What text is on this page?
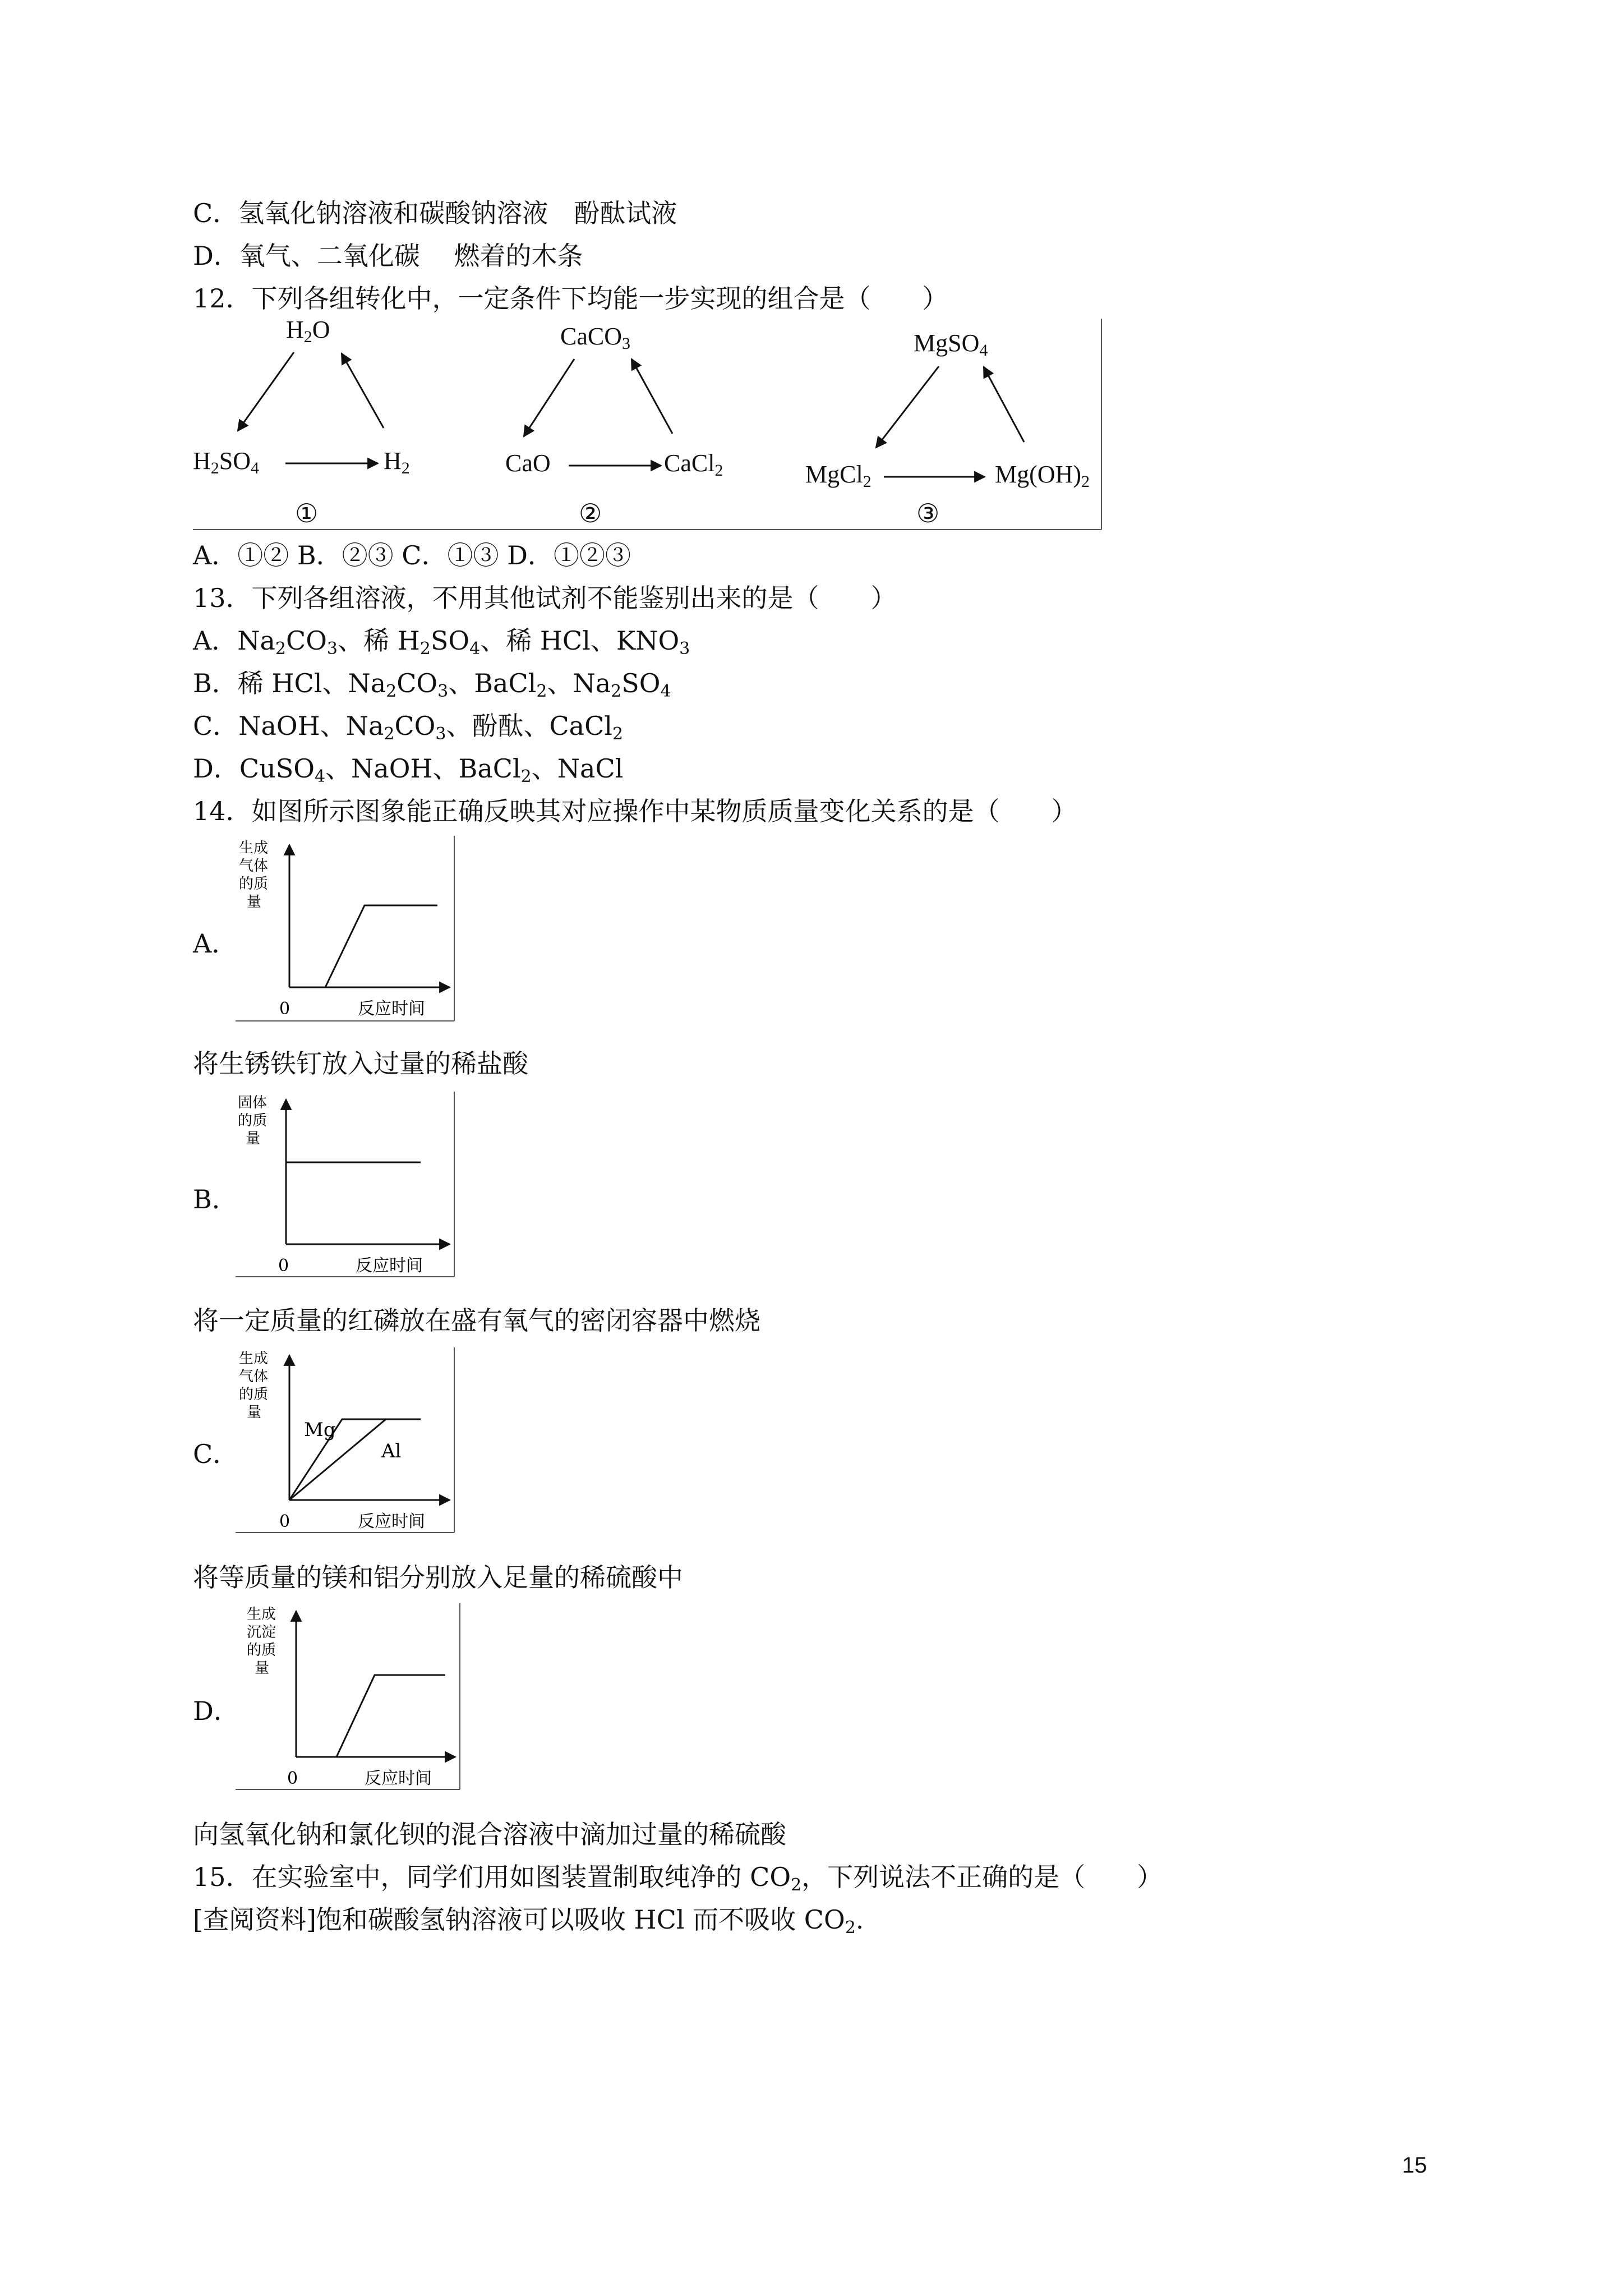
C．氢氧化钠溶液和碳酸钠溶液　酚酞试液
D．氧气、二氧化碳　 燃着的木条
12．下列各组转化中，一定条件下均能一步实现的组合是（　　）
$H_2O$
$H_2SO_4$	$H_2$
①
CaCO$_3$
CaO	CaCl$_2$
②
MgSO$_4$
MgCl$_2$	$Mg(OH)_2$
③
A．①② B．②③ C．①③ D．①②③
13．下列各组溶液，不用其他试剂不能鉴别出来的是（　　）
A．$Na_2CO_3$、稀 $H_2SO_4$、稀 HCl、$KNO_3$
B．稀 HCl、$Na_2CO_3$、BaCl$_2$、$Na_2SO_4$
C．NaOH、$Na_2CO_3$、酚酞、CaCl$_2$
D．CuSO$_4$、NaOH、BaCl$_2$、NaCl
14．如图所示图象能正确反映其对应操作中某物质质量变化关系的是（　　）
A．
生成
气体
的质
量
0	反应时间
将生锈铁钉放入过量的稀盐酸
B．
固体
的质
量
0	反应时间
将一定质量的红磷放在盛有氧气的密闭容器中燃烧
C．
Mg
Al
生成
气体
的质
量
0	反应时间
将等质量的镁和铝分别放入足量的稀硫酸中
D．
生成
沉淀
的质
量
0	反应时间
向氢氧化钠和氯化钡的混合溶液中滴加过量的稀硫酸
15．在实验室中，同学们用如图装置制取纯净的 $CO_2$，下列说法不正确的是（　　）
[查阅资料]饱和碳酸氢钠溶液可以吸收 HCl 而不吸收 $CO_2$.
15
